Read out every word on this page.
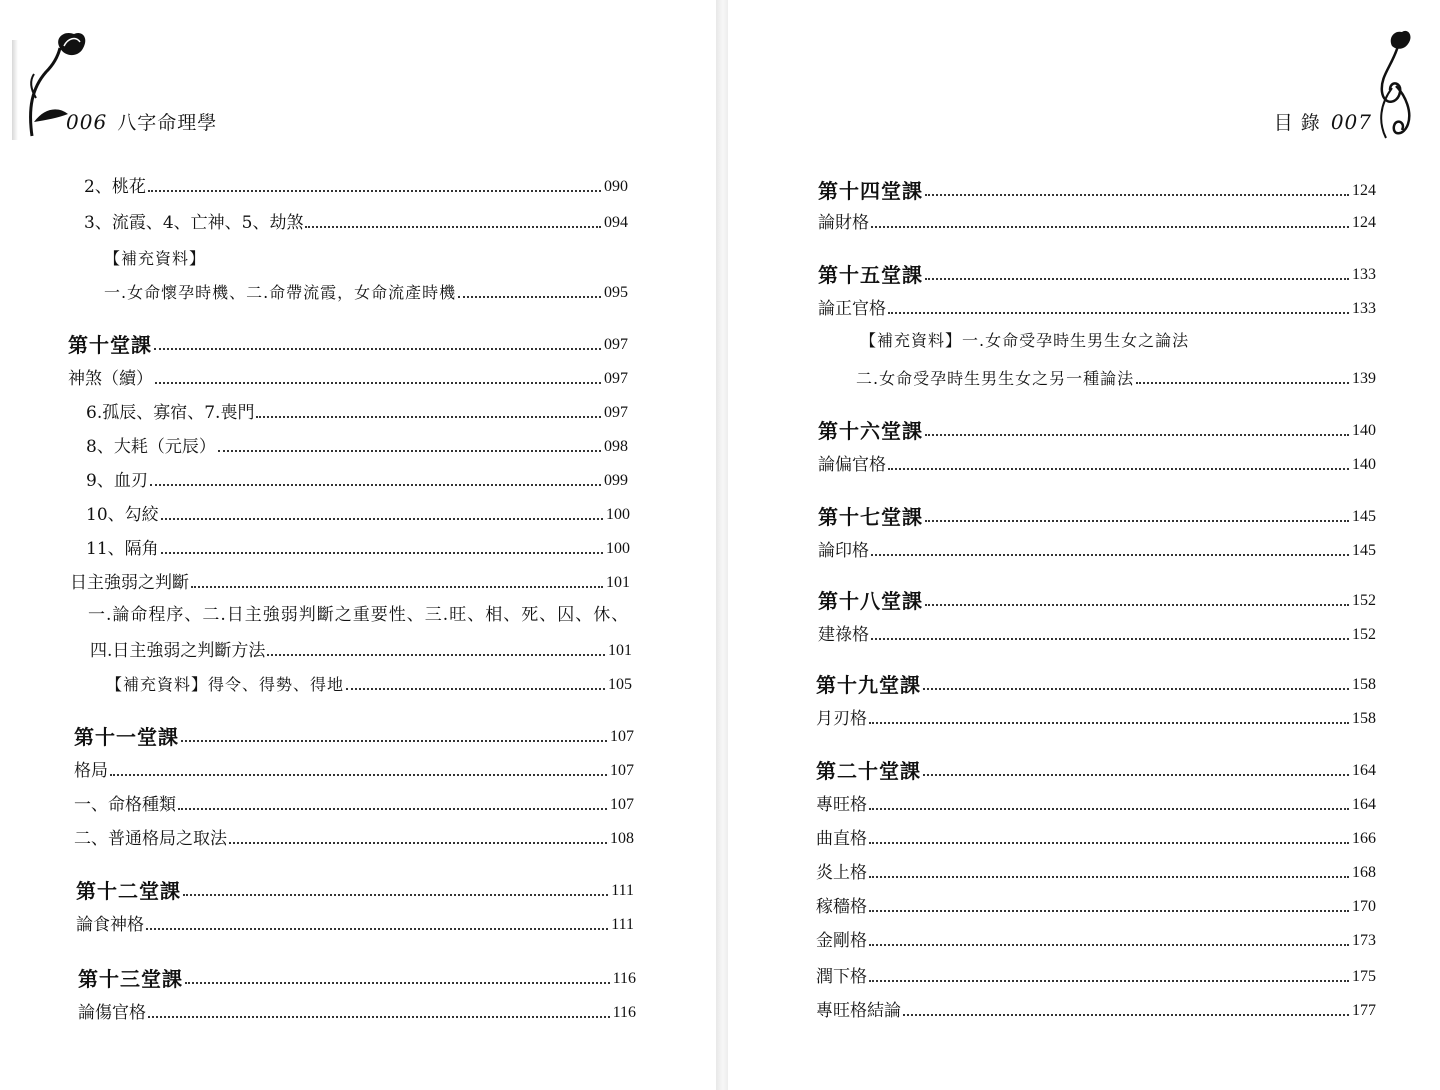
006 八字命理學
2、桃花	090
3、流霞、4、亡神、5、劫煞	094
【補充資料】
一.女命懷孕時機、二.命帶流霞，女命流產時機	095
第十堂課	097
神煞（續）	097
6.孤辰、寡宿、7.喪門	097
8、大耗（元辰）	098
9、血刃	099
10、勾絞	100
11、隔角	100
日主強弱之判斷	101
一.論命程序、二.日主強弱判斷之重要性、三.旺、相、死、囚、休、
四.日主強弱之判斷方法	101
【補充資料】得令、得勢、得地	105
第十一堂課	107
格局	107
一、命格種類	107
二、普通格局之取法	108
第十二堂課	111
論食神格	111
第十三堂課	116
論傷官格	116
目 錄 007
第十四堂課	124
論財格	124
第十五堂課	133
論正官格	133
【補充資料】一.女命受孕時生男生女之論法
二.女命受孕時生男生女之另一種論法	139
第十六堂課	140
論偏官格	140
第十七堂課	145
論印格	145
第十八堂課	152
建祿格	152
第十九堂課	158
月刃格	158
第二十堂課	164
專旺格	164
曲直格	166
炎上格	168
稼穡格	170
金剛格	173
潤下格	175
專旺格結論	177
